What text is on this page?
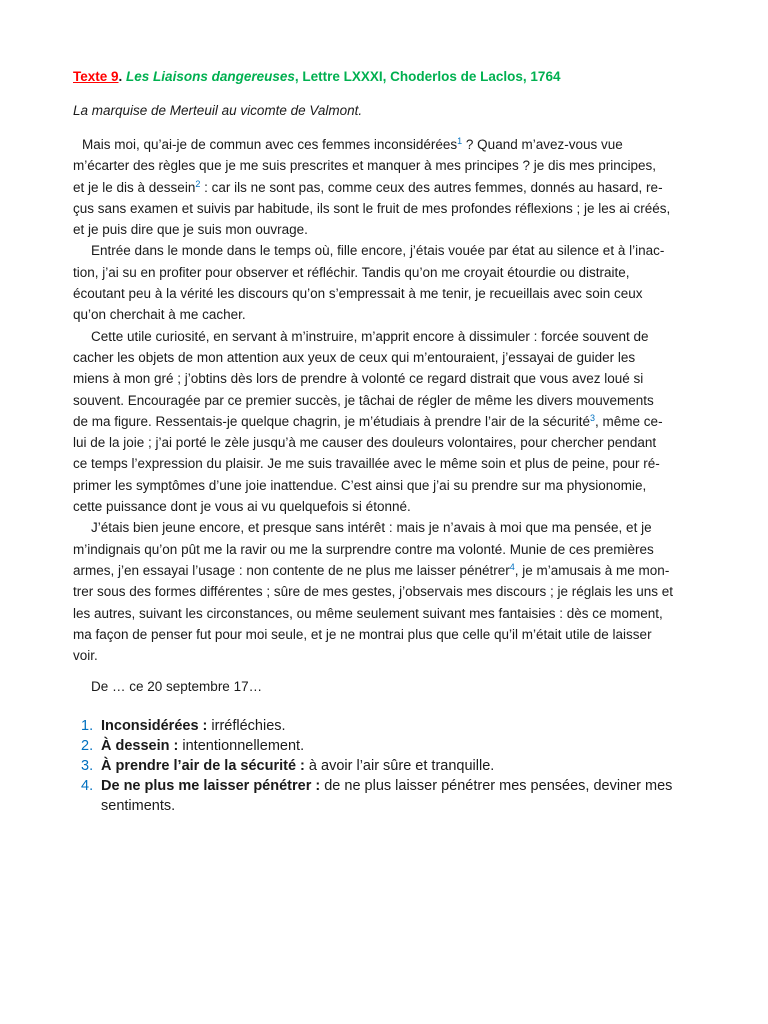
Texte 9. Les Liaisons dangereuses, Lettre LXXXI, Choderlos de Laclos, 1764

La marquise de Merteuil au vicomte de Valmont.

Mais moi, qu’ai-je de commun avec ces femmes inconsidérées$^1$ ? Quand m’avez-vous vue
m’écarter des règles que je me suis prescrites et manquer à mes principes ? je dis mes principes,
et je le dis à dessein$^2$ : car ils ne sont pas, comme ceux des autres femmes, donnés au hasard, re-
çus sans examen et suivis par habitude, ils sont le fruit de mes profondes réflexions ; je les ai créés,
et je puis dire que je suis mon ouvrage.
Entrée dans le monde dans le temps où, fille encore, j’étais vouée par état au silence et à l’inac-
tion, j’ai su en profiter pour observer et réfléchir. Tandis qu’on me croyait étourdie ou distraite,
écoutant peu à la vérité les discours qu’on s’empressait à me tenir, je recueillais avec soin ceux
qu’on cherchait à me cacher.
Cette utile curiosité, en servant à m’instruire, m’apprit encore à dissimuler : forcée souvent de
cacher les objets de mon attention aux yeux de ceux qui m’entouraient, j’essayai de guider les
miens à mon gré ; j’obtins dès lors de prendre à volonté ce regard distrait que vous avez loué si
souvent. Encouragée par ce premier succès, je tâchai de régler de même les divers mouvements
de ma figure. Ressentais-je quelque chagrin, je m’étudiais à prendre l’air de la sécurité$^3$, même ce-
lui de la joie ; j’ai porté le zèle jusqu’à me causer des douleurs volontaires, pour chercher pendant
ce temps l’expression du plaisir. Je me suis travaillée avec le même soin et plus de peine, pour ré-
primer les symptômes d’une joie inattendue. C’est ainsi que j’ai su prendre sur ma physionomie,
cette puissance dont je vous ai vu quelquefois si étonné.
J’étais bien jeune encore, et presque sans intérêt : mais je n’avais à moi que ma pensée, et je
m’indignais qu’on pût me la ravir ou me la surprendre contre ma volonté. Munie de ces premières
armes, j’en essayai l’usage : non contente de ne plus me laisser pénétrer$^4$, je m’amusais à me mon-
trer sous des formes différentes ; sûre de mes gestes, j’observais mes discours ; je réglais les uns et
les autres, suivant les circonstances, ou même seulement suivant mes fantaisies : dès ce moment,
ma façon de penser fut pour moi seule, et je ne montrai plus que celle qu’il m’était utile de laisser
voir.
De … ce 20 septembre 17…
1. Inconsidérées : irréfléchies.
2. À dessein : intentionnellement.
3. À prendre l’air de la sécurité : à avoir l’air sûre et tranquille.
4. De ne plus me laisser pénétrer : de ne plus laisser pénétrer mes pensées, deviner mes sentiments.
